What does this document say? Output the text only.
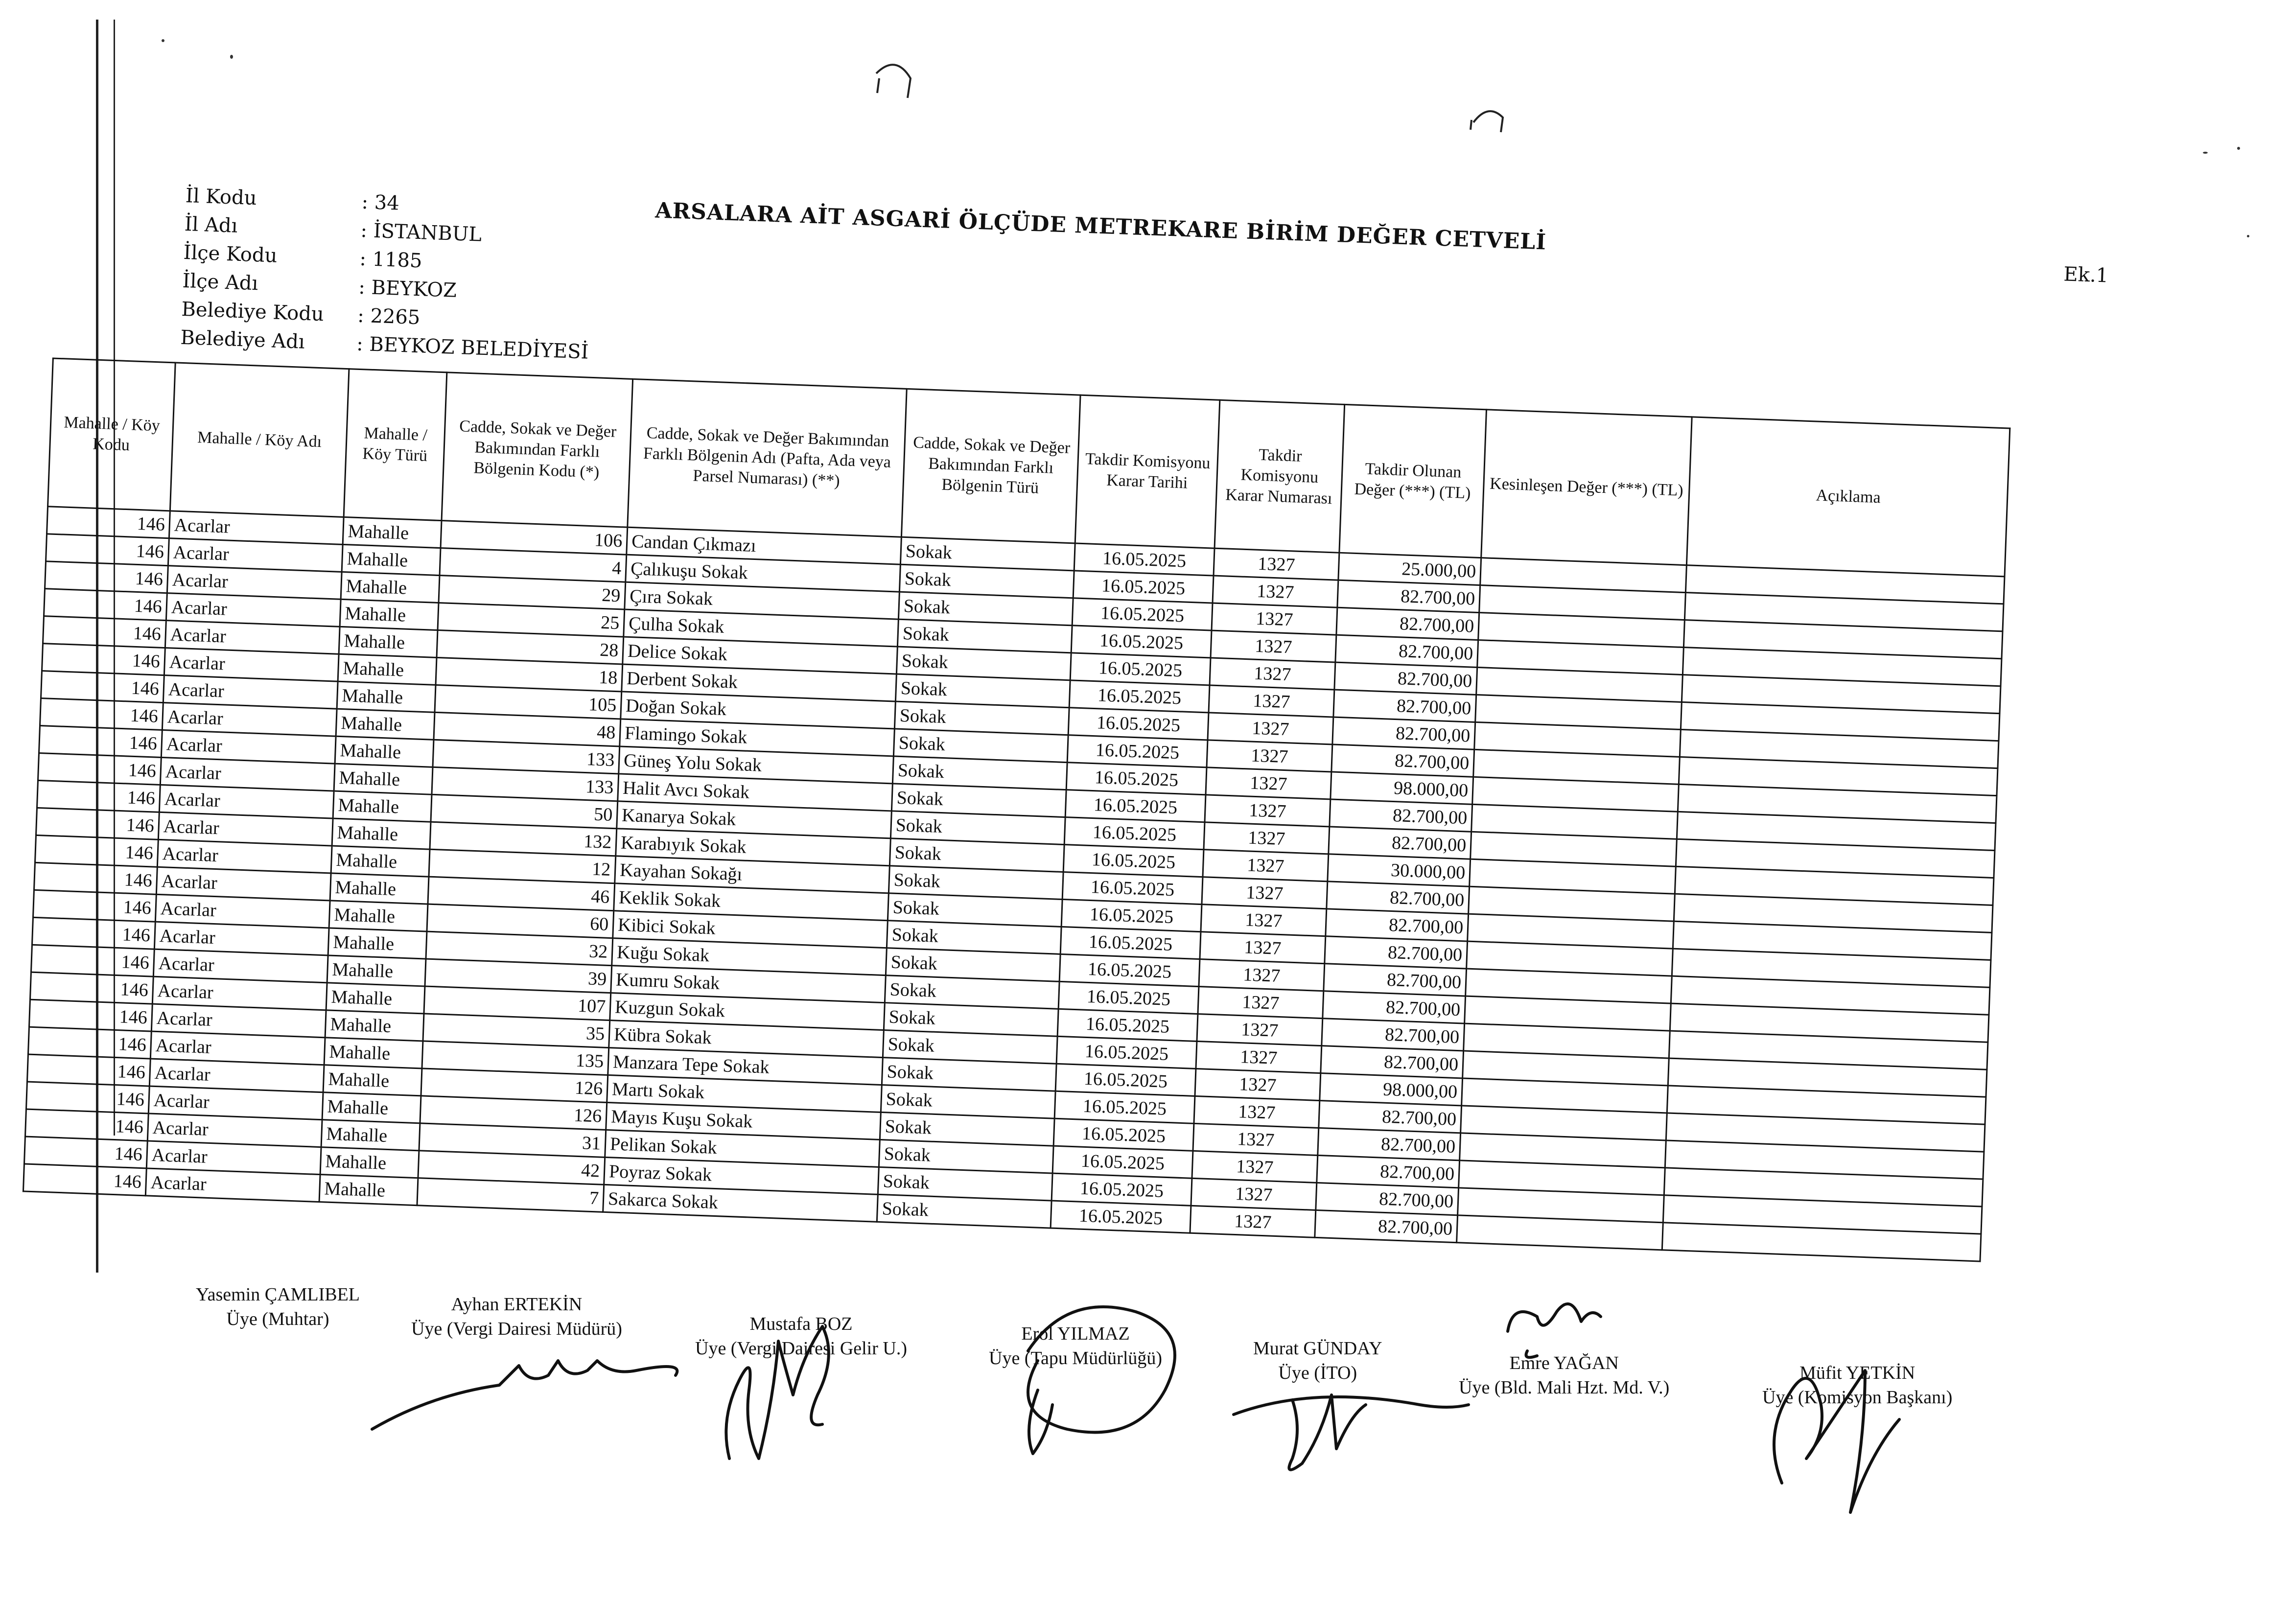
İl Kodu	: 34
İl Adı	: İSTANBUL
İlçe Kodu	: 1185
İlçe Adı	: BEYKOZ
Belediye Kodu : 2265
Belediye Adı	: BEYKOZ BELEDİYESİ
ARSALARA AİT ASGARİ ÖLÇÜDE METREKARE BİRİM DEĞER CETVELİ
Ek.1
Mahalle / Köy Kodu	Mahalle / Köy Adı	Mahalle / Köy Türü	Cadde, Sokak ve Değer Bakımından Farklı Bölgenin Kodu (*)	Cadde, Sokak ve Değer Bakımından Farklı Bölgenin Adı (Pafta, Ada veya Parsel Numarası) (**)	Cadde, Sokak ve Değer Bakımından Farklı Bölgenin Türü	Takdir Komisyonu Karar Tarihi	Takdir Komisyonu Karar Numarası	Takdir Olunan Değer (***) (TL)	Kesinleşen Değer (***) (TL)	Açıklama
146	Acarlar	Mahalle	106	Candan Çıkmazı	Sokak	16.05.2025	1327	25.000,00		
146	Acarlar	Mahalle	4	Çalıkuşu Sokak	Sokak	16.05.2025	1327	82.700,00		
146	Acarlar	Mahalle	29	Çıra Sokak	Sokak	16.05.2025	1327	82.700,00		
146	Acarlar	Mahalle	25	Çulha Sokak	Sokak	16.05.2025	1327	82.700,00		
146	Acarlar	Mahalle	28	Delice Sokak	Sokak	16.05.2025	1327	82.700,00		
146	Acarlar	Mahalle	18	Derbent Sokak	Sokak	16.05.2025	1327	82.700,00		
146	Acarlar	Mahalle	105	Doğan Sokak	Sokak	16.05.2025	1327	82.700,00		
146	Acarlar	Mahalle	48	Flamingo Sokak	Sokak	16.05.2025	1327	82.700,00		
146	Acarlar	Mahalle	133	Güneş Yolu Sokak	Sokak	16.05.2025	1327	98.000,00		
146	Acarlar	Mahalle	133	Halit Avcı Sokak	Sokak	16.05.2025	1327	82.700,00		
146	Acarlar	Mahalle	50	Kanarya Sokak	Sokak	16.05.2025	1327	82.700,00		
146	Acarlar	Mahalle	132	Karabıyık Sokak	Sokak	16.05.2025	1327	30.000,00		
146	Acarlar	Mahalle	12	Kayahan Sokağı	Sokak	16.05.2025	1327	82.700,00		
146	Acarlar	Mahalle	46	Keklik Sokak	Sokak	16.05.2025	1327	82.700,00		
146	Acarlar	Mahalle	60	Kibici Sokak	Sokak	16.05.2025	1327	82.700,00		
146	Acarlar	Mahalle	32	Kuğu Sokak	Sokak	16.05.2025	1327	82.700,00		
146	Acarlar	Mahalle	39	Kumru Sokak	Sokak	16.05.2025	1327	82.700,00		
146	Acarlar	Mahalle	107	Kuzgun Sokak	Sokak	16.05.2025	1327	82.700,00		
146	Acarlar	Mahalle	35	Kübra Sokak	Sokak	16.05.2025	1327	82.700,00		
146	Acarlar	Mahalle	135	Manzara Tepe Sokak	Sokak	16.05.2025	1327	98.000,00		
146	Acarlar	Mahalle	126	Martı Sokak	Sokak	16.05.2025	1327	82.700,00		
146	Acarlar	Mahalle	126	Mayıs Kuşu Sokak	Sokak	16.05.2025	1327	82.700,00		
146	Acarlar	Mahalle	31	Pelikan Sokak	Sokak	16.05.2025	1327	82.700,00		
146	Acarlar	Mahalle	42	Poyraz Sokak	Sokak	16.05.2025	1327	82.700,00		
146	Acarlar	Mahalle	7	Sakarca Sokak	Sokak	16.05.2025	1327	82.700,00		
Yasemin ÇAMLIBEL
Üye (Muhtar)
Ayhan ERTEKİN
Üye (Vergi Dairesi Müdürü)	Mustafa BOZ
Üye (Vergi Dairesi Gelir U.)
Erol YILMAZ
Üye (Tapu Müdürlüğü)	Murat GÜNDAY
Üye (İTO)	Emre YAĞAN
Üye (Bld. Mali Hzt. Md. V.)
Müfit YETKİN
Üye (Komisyon Başkanı)
